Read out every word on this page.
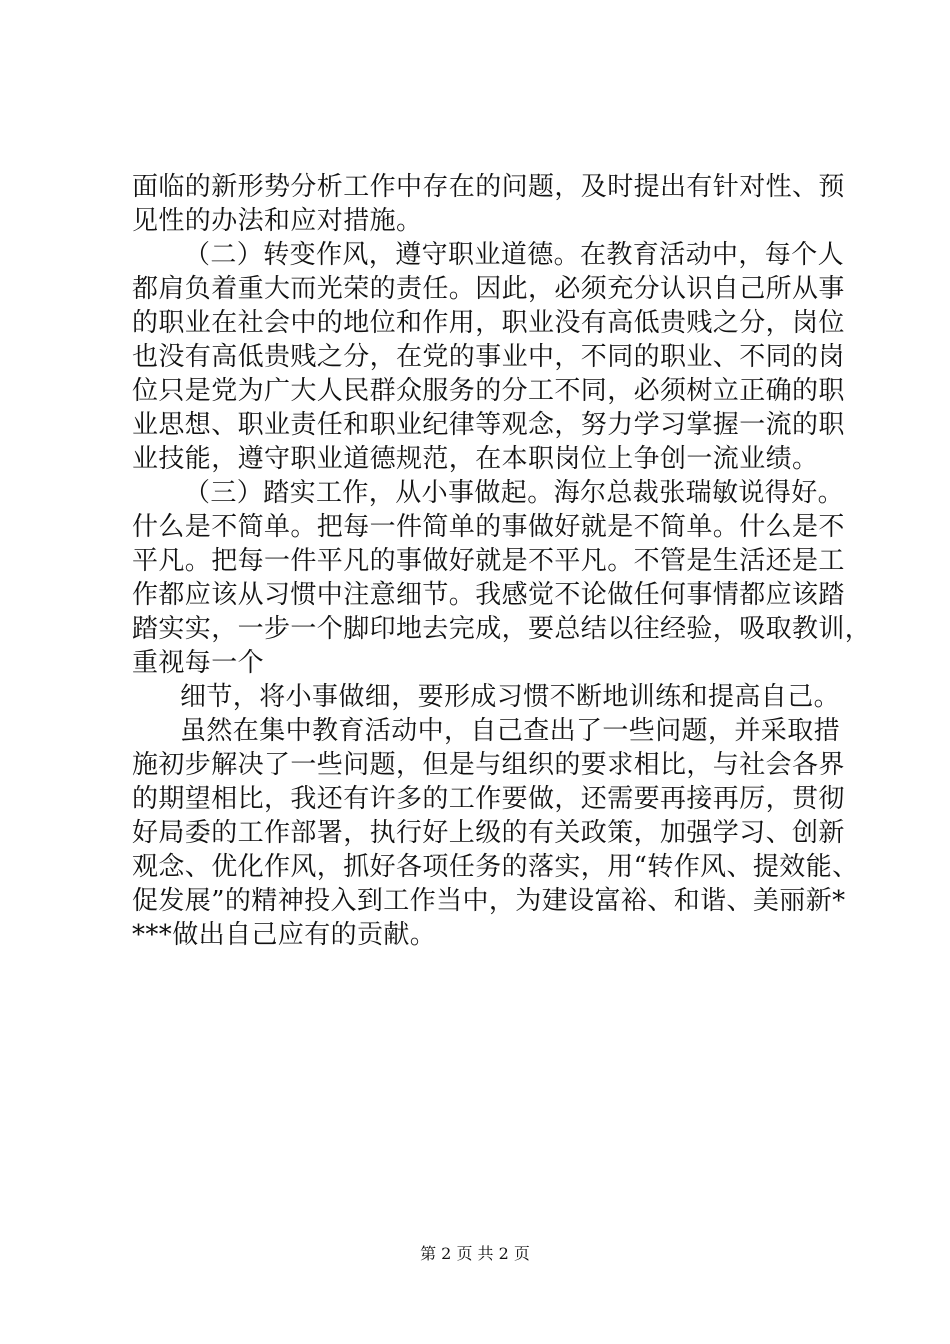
面临的新形势分析工作中存在的问题，及时提出有针对性、预
见性的办法和应对措施。
（二）转变作风，遵守职业道德。在教育活动中，每个人
都肩负着重大而光荣的责任。因此，必须充分认识自己所从事
的职业在社会中的地位和作用，职业没有高低贵贱之分，岗位
也没有高低贵贱之分，在党的事业中，不同的职业、不同的岗
位只是党为广大人民群众服务的分工不同，必须树立正确的职
业思想、职业责任和职业纪律等观念，努力学习掌握一流的职
业技能，遵守职业道德规范，在本职岗位上争创一流业绩。
（三）踏实工作，从小事做起。海尔总裁张瑞敏说得好。
什么是不简单。把每一件简单的事做好就是不简单。什么是不
平凡。把每一件平凡的事做好就是不平凡。不管是生活还是工
作都应该从习惯中注意细节。我感觉不论做任何事情都应该踏
踏实实，一步一个脚印地去完成，要总结以往经验，吸取教训，
重视每一个
细节，将小事做细，要形成习惯不断地训练和提高自己。
虽然在集中教育活动中，自己查出了一些问题，并采取措
施初步解决了一些问题，但是与组织的要求相比，与社会各界
的期望相比，我还有许多的工作要做，还需要再接再厉，贯彻
好局委的工作部署，执行好上级的有关政策，加强学习、创新
观念、优化作风，抓好各项任务的落实，用“转作风、提效能、
促发展”的精神投入到工作当中，为建设富裕、和谐、美丽新*
***做出自己应有的贡献。
第 2 页 共 2 页
